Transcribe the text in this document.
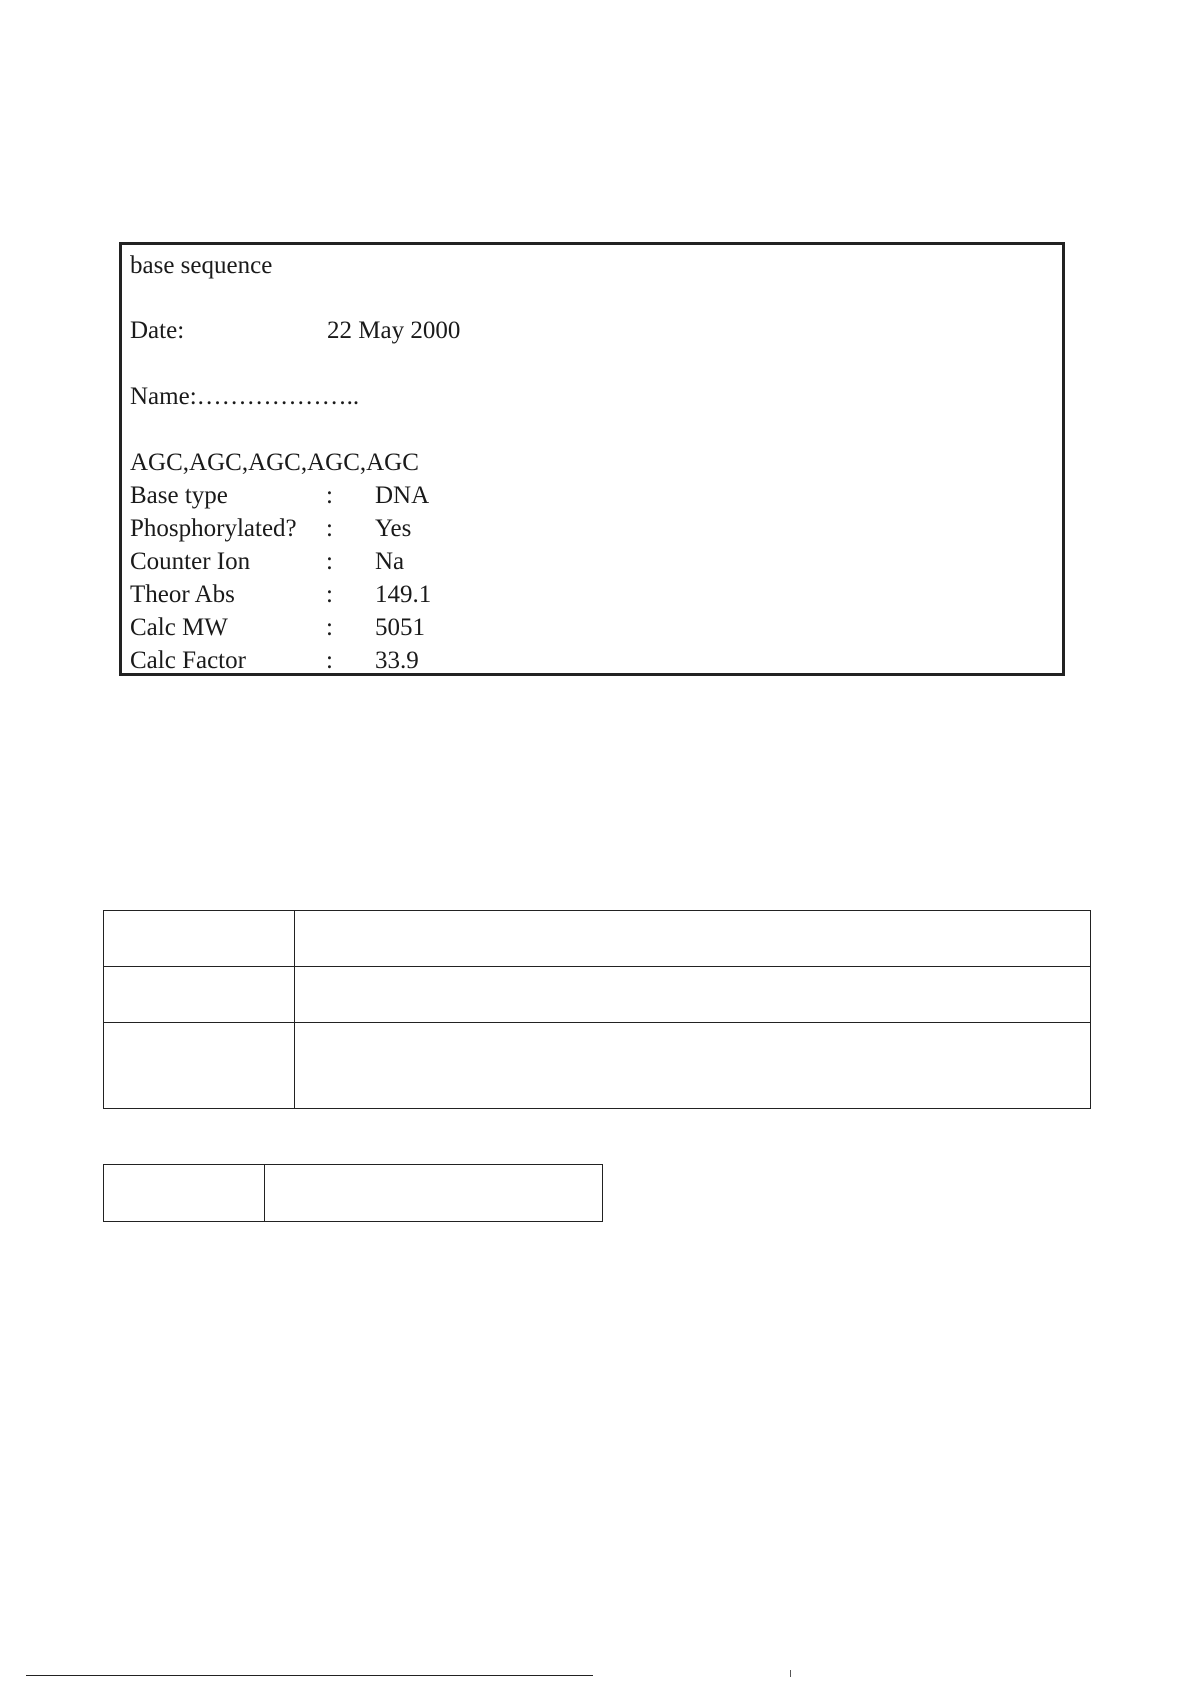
base sequence
Date:	22 May 2000
Name:………………..
AGC,AGC,AGC,AGC,AGC
Base type	: DNA
Phosphorylated? : Yes
Counter Ion	: Na
Theor Abs	: 149.1
Calc MW	: 5051
Calc Factor	: 33.9
